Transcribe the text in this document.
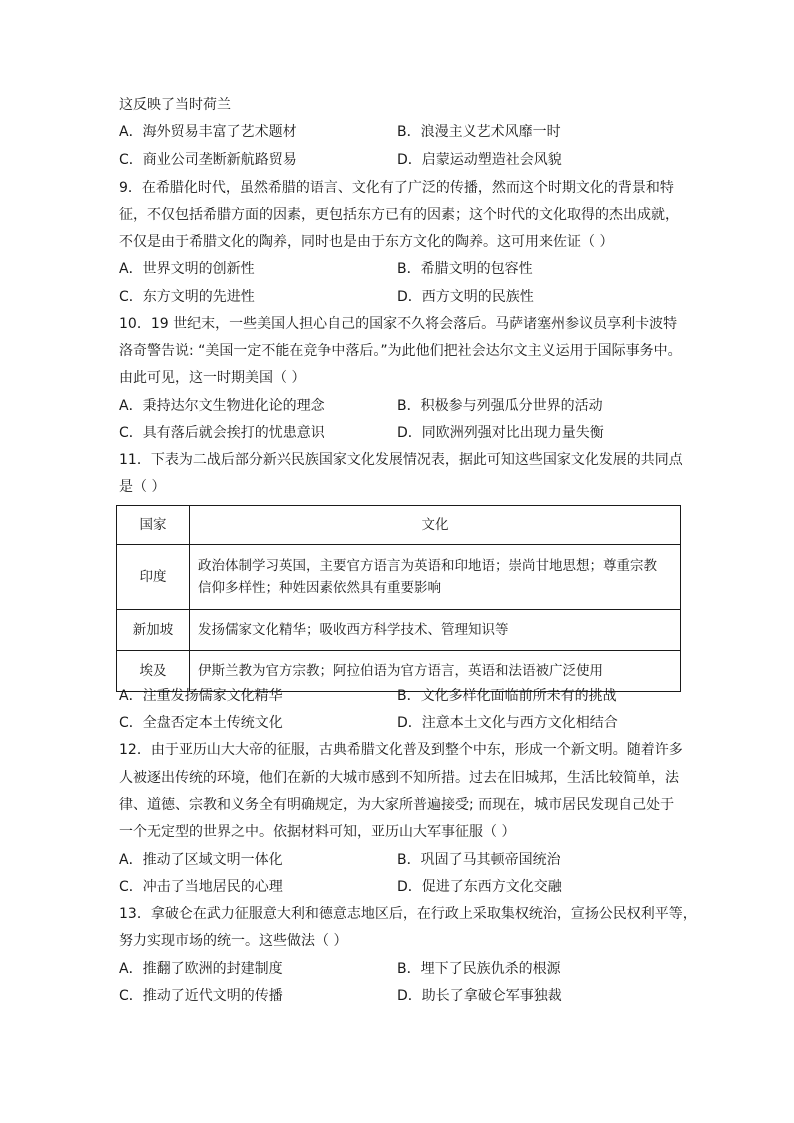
这反映了当时荷兰
A．海外贸易丰富了艺术题材	B．浪漫主义艺术风靡一时
C．商业公司垄断新航路贸易	D．启蒙运动塑造社会风貌
9．在希腊化时代，虽然希腊的语言、文化有了广泛的传播，然而这个时期文化的背景和特
征，不仅包括希腊方面的因素，更包括东方已有的因素；这个时代的文化取得的杰出成就，
不仅是由于希腊文化的陶养，同时也是由于东方文化的陶养。这可用来佐证（ ）
A．世界文明的创新性	B．希腊文明的包容性
C．东方文明的先进性	D．西方文明的民族性
10．19 世纪末，一些美国人担心自己的国家不久将会落后。马萨诸塞州参议员享利卡波特
洛奇警告说: “美国一定不能在竞争中落后。”为此他们把社会达尔文主义运用于国际事务中。
由此可见，这一时期美国（ ）
A．秉持达尔文生物进化论的理念	B．积极参与列强瓜分世界的活动
C．具有落后就会挨打的忧患意识	D．同欧洲列强对比出现力量失衡
11．下表为二战后部分新兴民族国家文化发展情况表，据此可知这些国家文化发展的共同点
是（ ）
国家	文化
印度	政治体制学习英国，主要官方语言为英语和印地语；崇尚甘地思想；尊重宗教
信仰多样性；种姓因素依然具有重要影响

新加坡	发扬儒家文化精华；吸收西方科学技术、管理知识等

埃及	伊斯兰教为官方宗教；阿拉伯语为官方语言，英语和法语被广泛使用
A．注重发扬儒家文化精华	B．文化多样化面临前所未有的挑战
C．全盘否定本土传统文化	D．注意本土文化与西方文化相结合
12．由于亚历山大大帝的征服，古典希腊文化普及到整个中东，形成一个新文明。随着许多
人被逐出传统的环境，他们在新的大城市感到不知所措。过去在旧城邦，生活比较简单，法
律、道德、宗教和义务全有明确规定，为大家所普遍接受; 而现在，城市居民发现自己处于
一个无定型的世界之中。依据材料可知，亚历山大军事征服（ ）
A．推动了区域文明一体化	B．巩固了马其顿帝国统治
C．冲击了当地居民的心理	D．促进了东西方文化交融
13．拿破仑在武力征服意大利和德意志地区后，在行政上采取集权统治，宣扬公民权利平等，
努力实现市场的统一。这些做法（ ）
A．推翻了欧洲的封建制度	B．埋下了民族仇杀的根源
C．推动了近代文明的传播	D．助长了拿破仑军事独裁
